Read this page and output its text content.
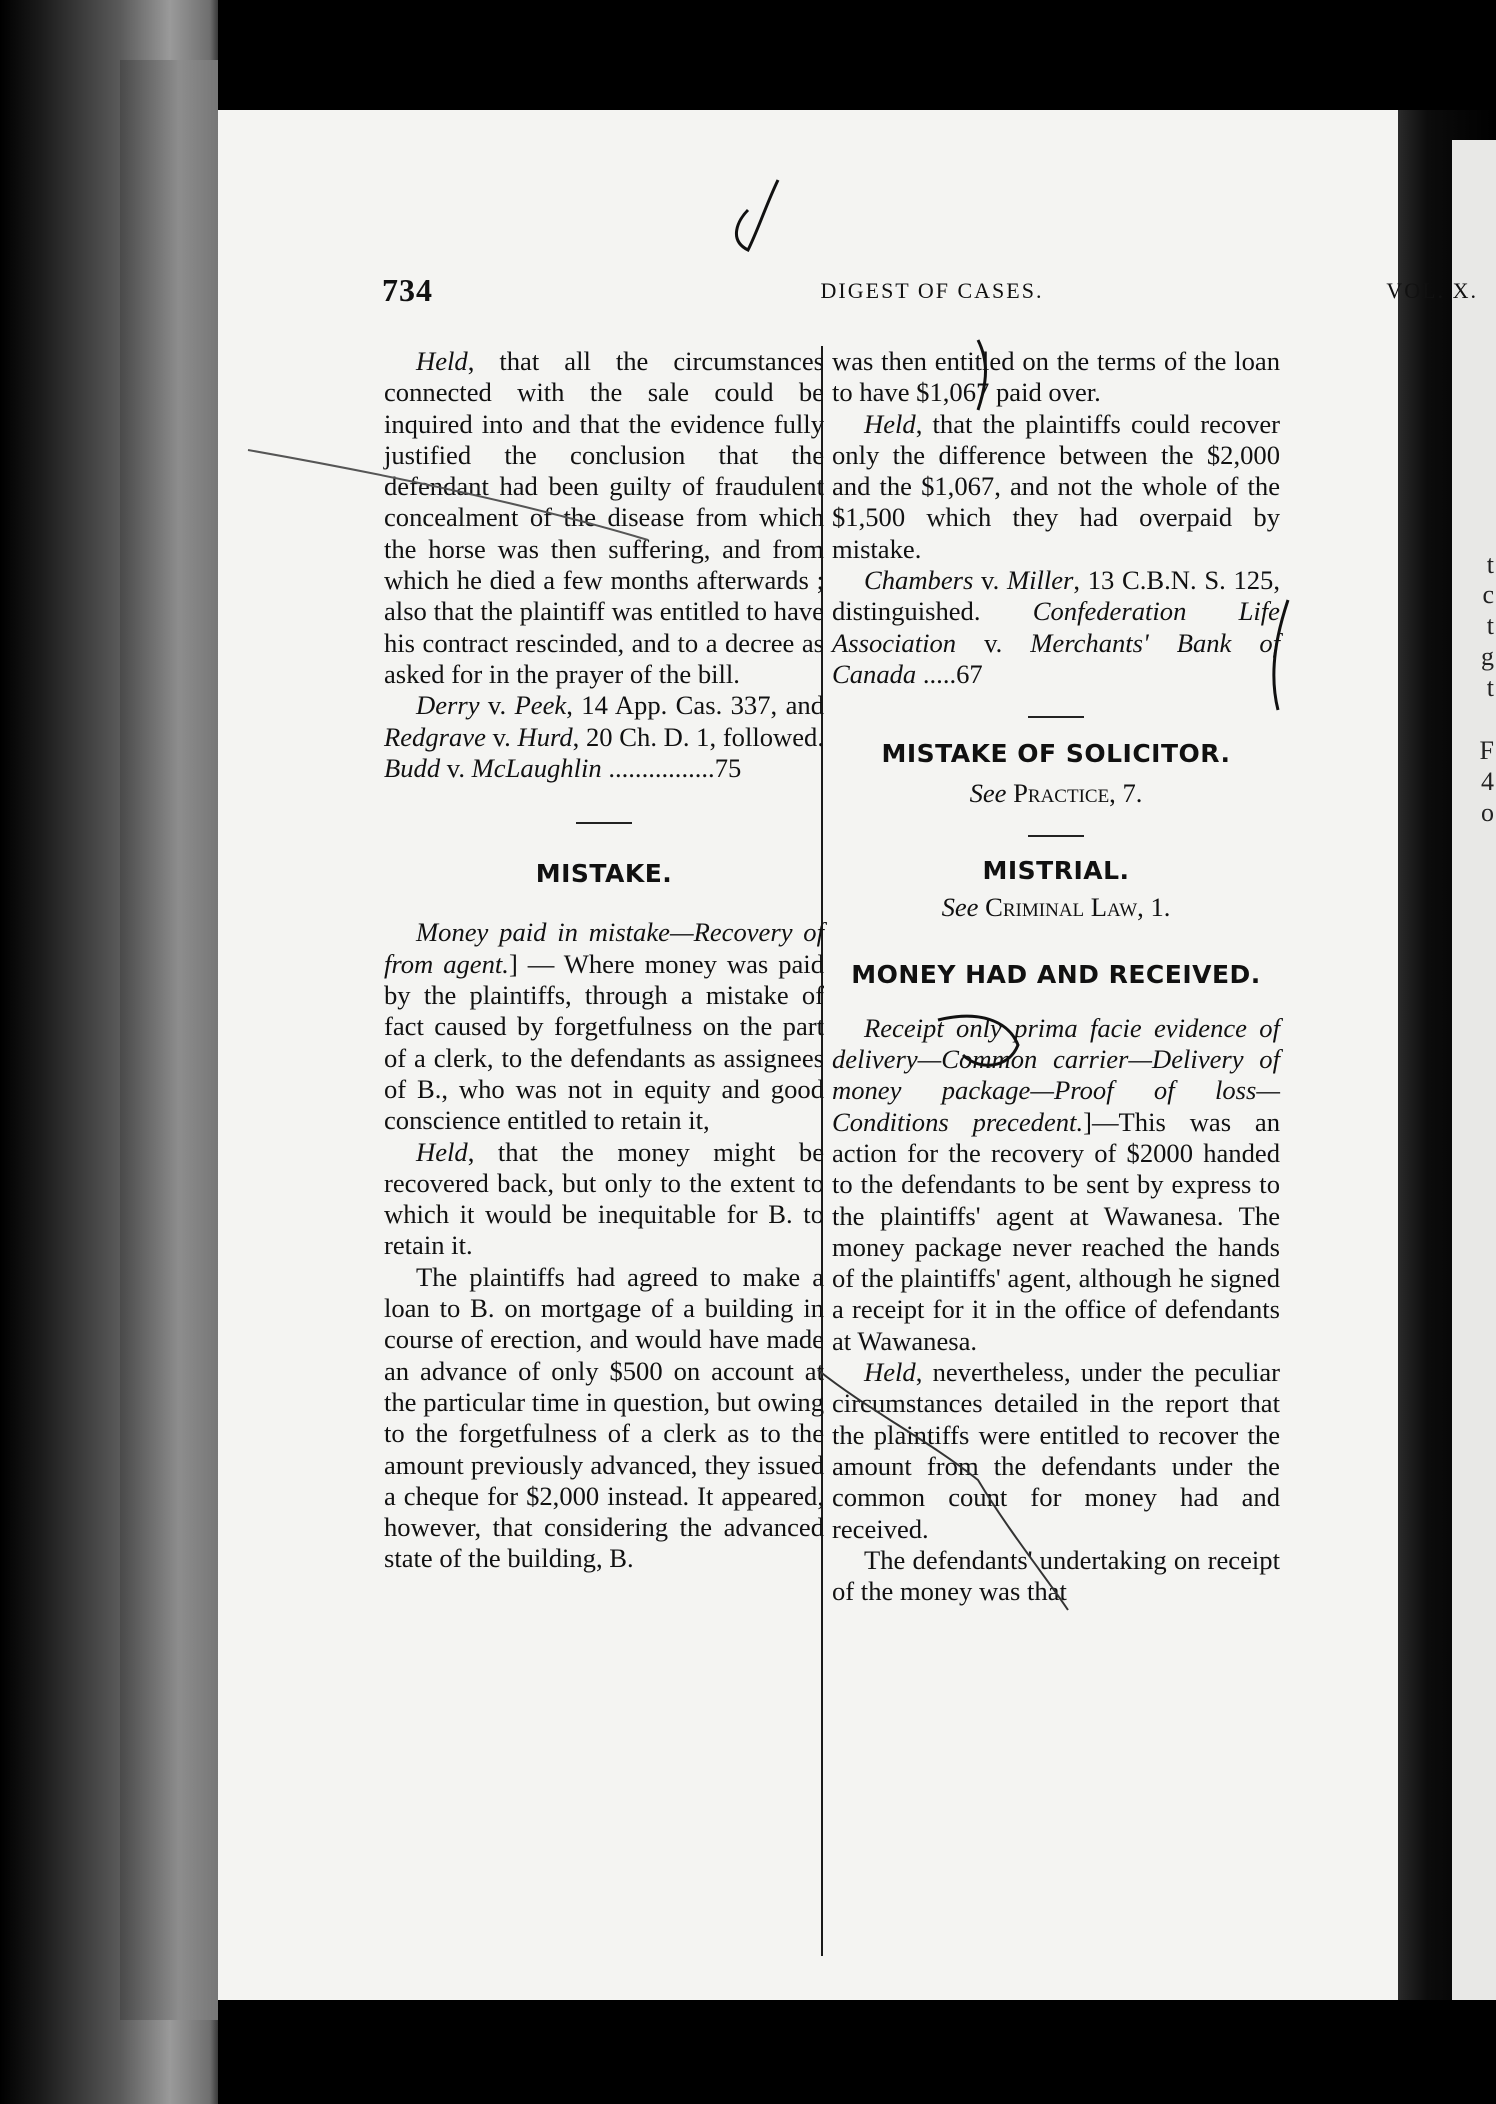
t
c
t
g
t
F
4
o
734	DIGEST OF CASES.	VOL. X.

Held, that all the circumstances connected with the sale could be inquired into and that the evidence fully justified the conclusion that the defendant had been guilty of fraudulent concealment of the disease from which the horse was then suffering, and from which he died a few months afterwards ; also that the plaintiff was entitled to have his contract rescinded, and to a decree as asked for in the prayer of the bill.

Derry v. Peek, 14 App. Cas. 337, and Redgrave v. Hurd, 20 Ch. D. 1, followed. Budd v. McLaughlin ................75

MISTAKE.

Money paid in mistake—Recovery of from agent.] — Where money was paid by the plaintiffs, through a mistake of fact caused by forgetfulness on the part of a clerk, to the defendants as assignees of B., who was not in equity and good conscience entitled to retain it,

Held, that the money might be recovered back, but only to the extent to which it would be inequitable for B. to retain it.

The plaintiffs had agreed to make a loan to B. on mortgage of a building in course of erection, and would have made an advance of only $500 on account at the particular time in question, but owing to the forgetfulness of a clerk as to the amount previously advanced, they issued a cheque for $2,000 instead. It appeared, however, that considering the advanced state of the building, B.

was then entitled on the terms of the loan to have $1,067 paid over.

Held, that the plaintiffs could recover only the difference between the $2,000 and the $1,067, and not the whole of the $1,500 which they had overpaid by mistake.

Chambers v. Miller, 13 C.B.N. S. 125, distinguished. Confederation Life Association v. Merchants' Bank of Canada .....67

MISTAKE OF SOLICITOR.

See Practice, 7.

MISTRIAL.

See Criminal Law, 1.

MONEY HAD AND RECEIVED.

Receipt only prima facie evidence of delivery—Common carrier—Delivery of money package—Proof of loss—Conditions precedent.]—This was an action for the recovery of $2000 handed to the defendants to be sent by express to the plaintiffs' agent at Wawanesa. The money package never reached the hands of the plaintiffs' agent, although he signed a receipt for it in the office of defendants at Wawanesa.

Held, nevertheless, under the peculiar circumstances detailed in the report that the plaintiffs were entitled to recover the amount from the defendants under the common count for money had and received.

The defendants' undertaking on receipt of the money was that
